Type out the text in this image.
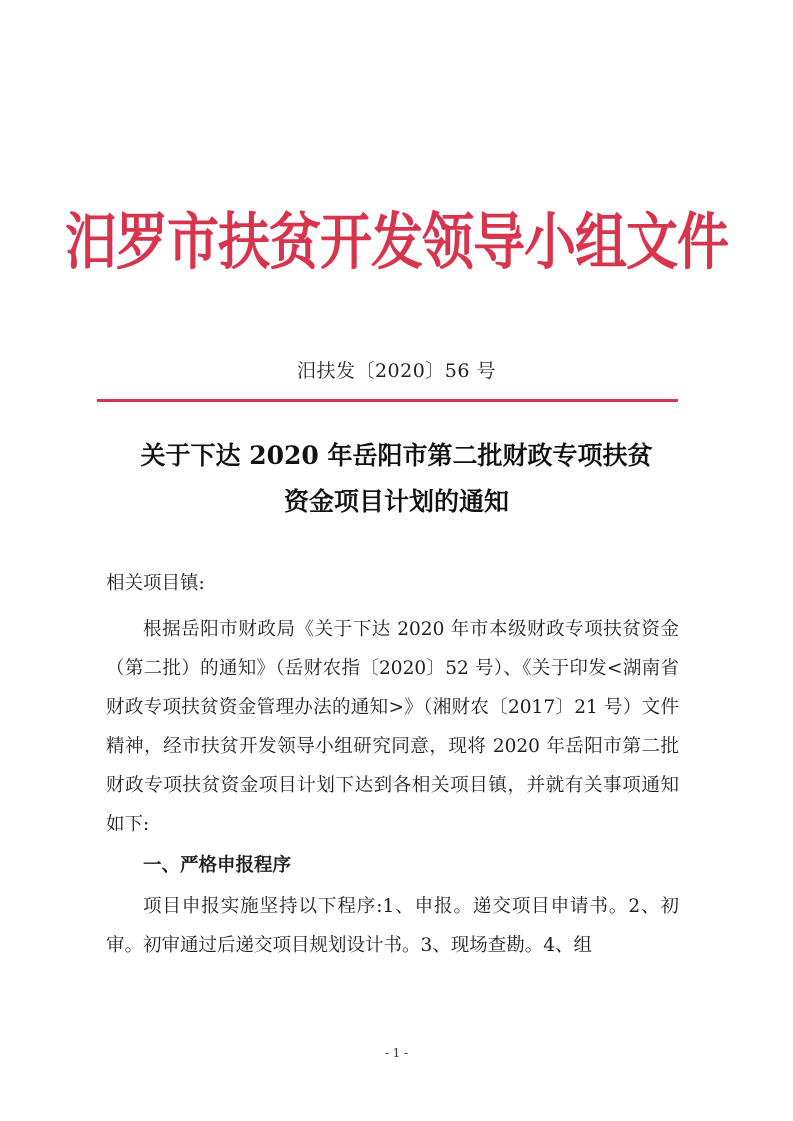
汨罗市扶贫开发领导小组文件
汨扶发〔2020〕56 号
关于下达 2020 年岳阳市第二批财政专项扶贫
资金项目计划的通知
相关项目镇:
根据岳阳市财政局《关于下达 2020 年市本级财政专项扶贫资金（第二批）的通知》（岳财农指〔2020〕52 号）、《关于印发<湖南省财政专项扶贫资金管理办法的通知>》（湘财农〔2017〕21 号）文件精神，经市扶贫开发领导小组研究同意，现将 2020 年岳阳市第二批财政专项扶贫资金项目计划下达到各相关项目镇，并就有关事项通知如下:
一、严格申报程序
项目申报实施坚持以下程序:1、申报。递交项目申请书。2、初审。初审通过后递交项目规划设计书。3、现场查勘。4、组
- 1 -
